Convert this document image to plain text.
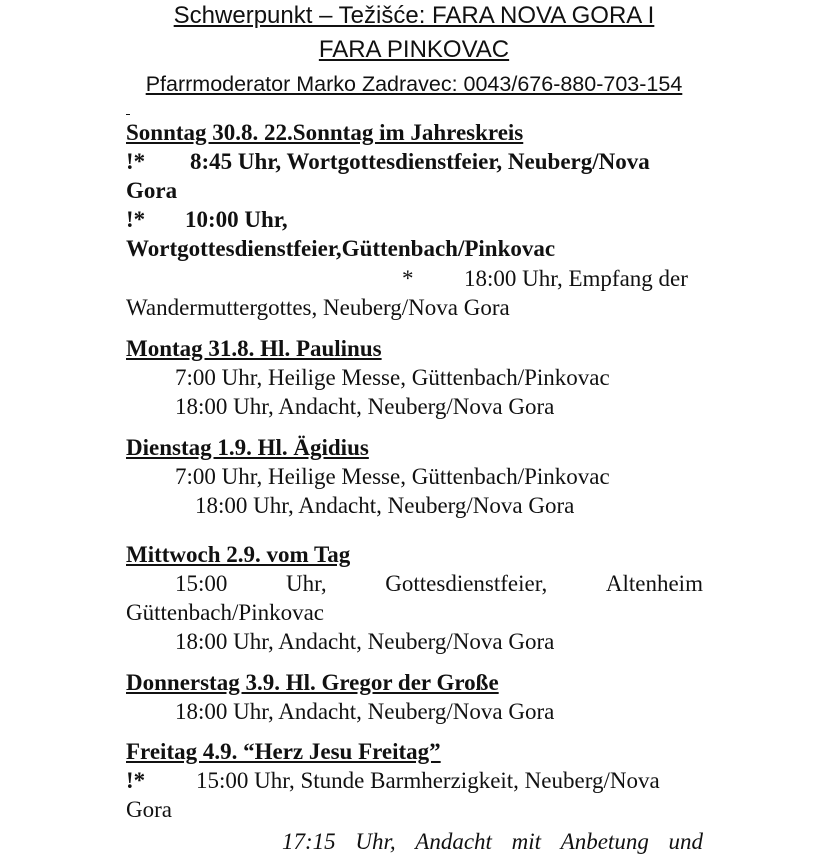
Schwerpunkt – Težišće: FARA NOVA GORA I
FARA PINKOVAC
Pfarrmoderator Marko Zadravec: 0043/676-880-703-154
Sonntag 30.8. 22.Sonntag im Jahreskreis
!* 8:45 Uhr, Wortgottesdienstfeier, Neuberg/Nova
Gora
!* 10:00 Uhr,
Wortgottesdienstfeier,Güttenbach/Pinkovac
* 18:00 Uhr, Empfang der
Wandermuttergottes, Neuberg/Nova Gora
Montag 31.8. Hl. Paulinus
7:00 Uhr, Heilige Messe, Güttenbach/Pinkovac
18:00 Uhr, Andacht, Neuberg/Nova Gora
Dienstag 1.9. Hl. Ägidius
7:00 Uhr, Heilige Messe, Güttenbach/Pinkovac
18:00 Uhr, Andacht, Neuberg/Nova Gora
Mittwoch 2.9. vom Tag
15:00	Uhr,	Gottesdienstfeier,	Altenheim
Güttenbach/Pinkovac
18:00 Uhr, Andacht, Neuberg/Nova Gora
Donnerstag 3.9. Hl. Gregor der Große
18:00 Uhr, Andacht, Neuberg/Nova Gora
Freitag 4.9. “Herz Jesu Freitag”
!* 15:00 Uhr, Stunde Barmherzigkeit, Neuberg/Nova
Gora
17:15 Uhr, Andacht mit Anbetung und
